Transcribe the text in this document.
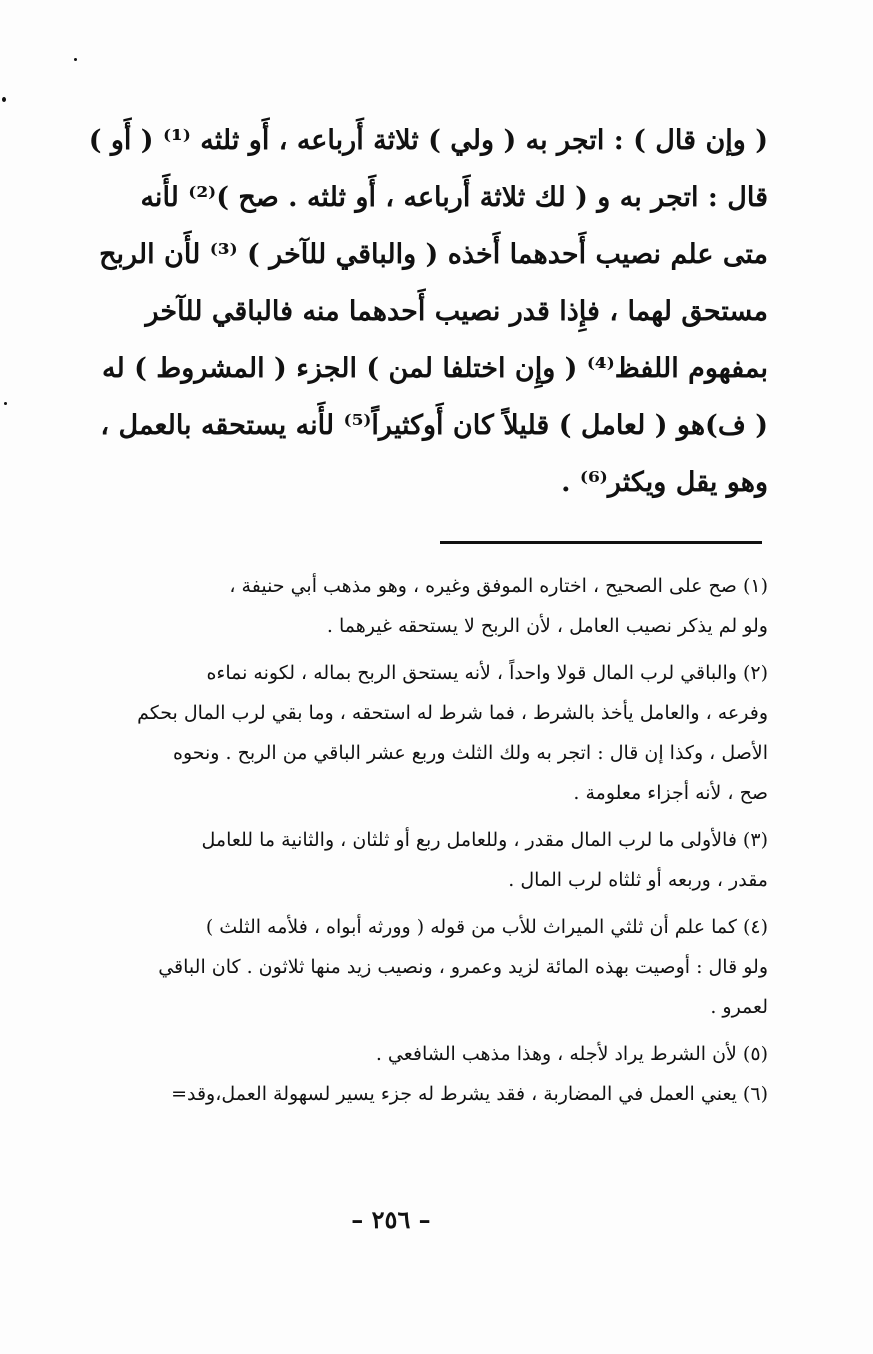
( وإن قال ) : اتجر به ( ولي ) ثلاثة أَرباعه ، أَو ثلثه ⁽¹⁾ ( أَو )
قال : اتجر به و ( لك ثلاثة أَرباعه ، أَو ثلثه . صح )⁽²⁾ لأَنه
متى علم نصيب أَحدهما أَخذه ( والباقي للآخر ) ⁽³⁾ لأَن الربح
مستحق لهما ، فإِذا قدر نصيب أَحدهما منه فالباقي للآخر
بمفهوم اللفظ⁽⁴⁾ ( وإِن اختلفا لمن ) الجزء ( المشروط ) له
( ف)هو ( لعامل ) قليلاً كان أَوكثيراً⁽⁵⁾ لأَنه يستحقه بالعمل ،
وهو يقل ويكثر⁽⁶⁾ .
(١) صح على الصحيح ، اختاره الموفق وغيره ، وهو مذهب أبي حنيفة ،
ولو لم يذكر نصيب العامل ، لأن الربح لا يستحقه غيرهما .
(٢) والباقي لرب المال قولا واحداً ، لأنه يستحق الربح بماله ، لكونه نماءه
وفرعه ، والعامل يأخذ بالشرط ، فما شرط له استحقه ، وما بقي لرب المال بحكم
الأصل ، وكذا إن قال : اتجر به ولك الثلث وربع عشر الباقي من الربح . ونحوه
صح ، لأنه أجزاء معلومة .
(٣) فالأولى ما لرب المال مقدر ، وللعامل ربع أو ثلثان ، والثانية ما للعامل
مقدر ، وربعه أو ثلثاه لرب المال .
(٤) كما علم أن ثلثي الميراث للأب من قوله ( وورثه أبواه ، فلأمه الثلث )
ولو قال : أوصيت بهذه المائة لزيد وعمرو ، ونصيب زيد منها ثلاثون . كان الباقي
لعمرو .
(٥) لأن الشرط يراد لأجله ، وهذا مذهب الشافعي .
(٦) يعني العمل في المضاربة ، فقد يشرط له جزء يسير لسهولة العمل،وقد=
– ٢٥٦ –
